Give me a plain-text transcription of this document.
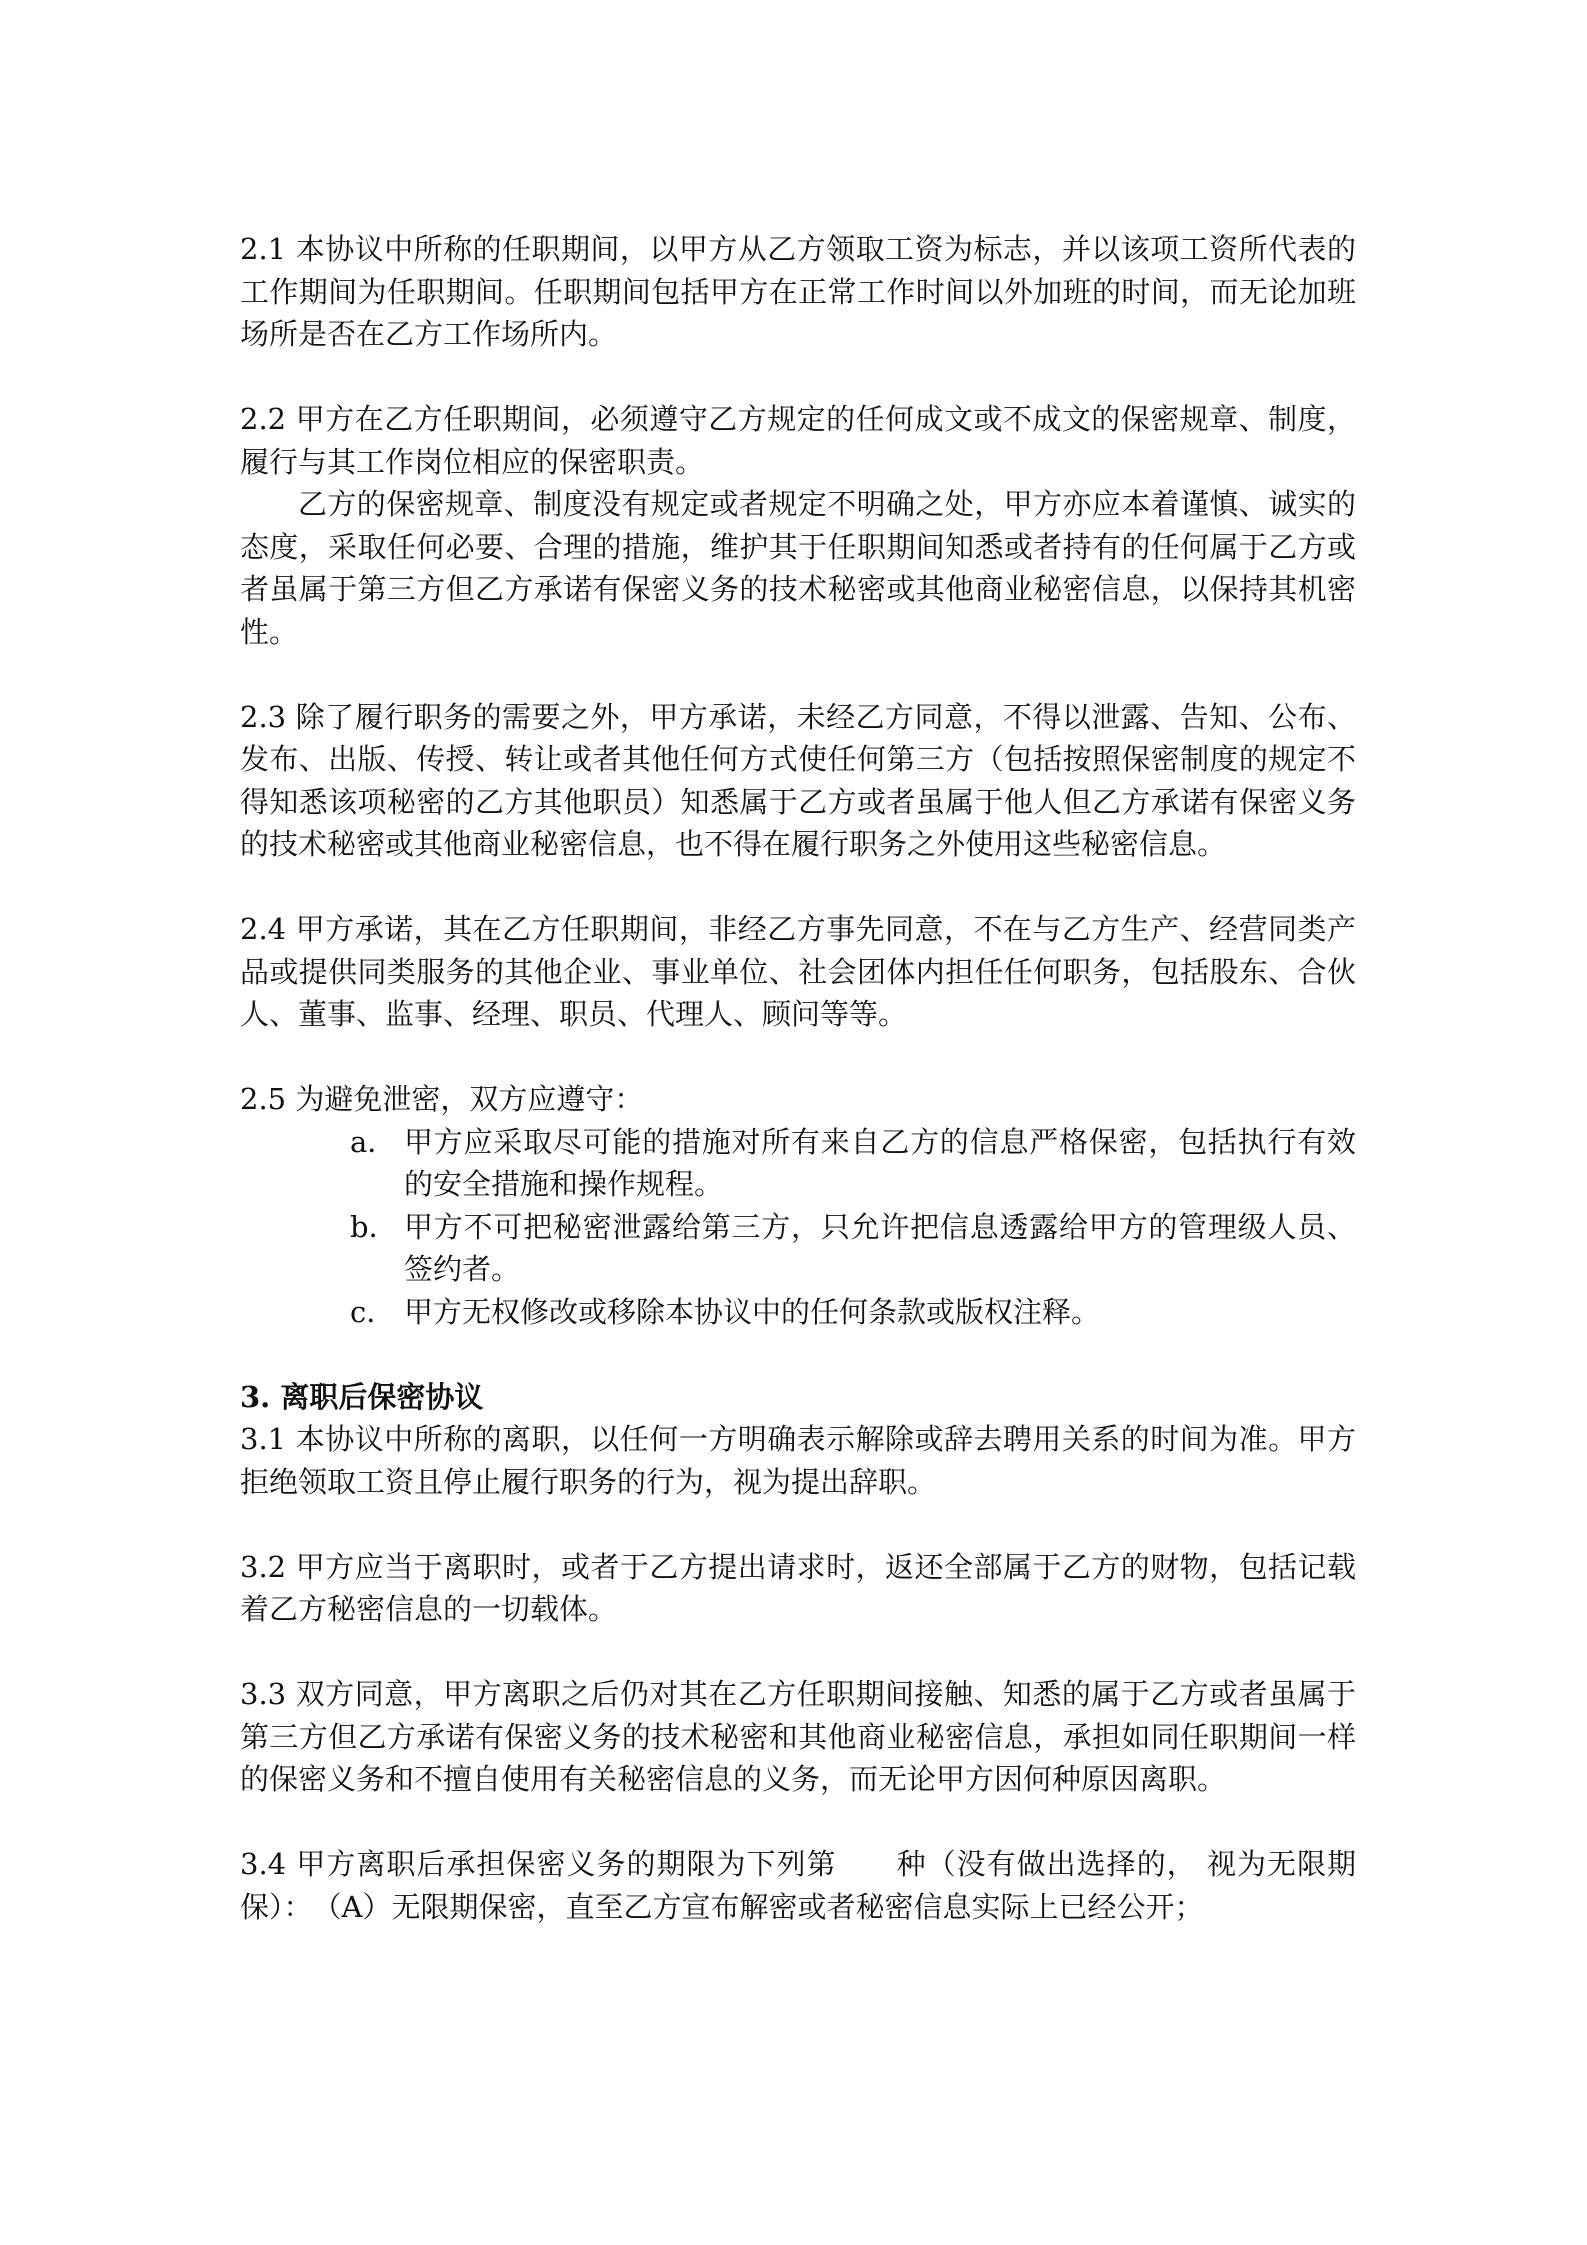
2.1 本协议中所称的任职期间，以甲方从乙方领取工资为标志，并以该项工资所代表的工作期间为任职期间。任职期间包括甲方在正常工作时间以外加班的时间，而无论加班场所是否在乙方工作场所内。

2.2 甲方在乙方任职期间，必须遵守乙方规定的任何成文或不成文的保密规章、制度，履行与其工作岗位相应的保密职责。

乙方的保密规章、制度没有规定或者规定不明确之处，甲方亦应本着谨慎、诚实的态度，采取任何必要、合理的措施，维护其于任职期间知悉或者持有的任何属于乙方或者虽属于第三方但乙方承诺有保密义务的技术秘密或其他商业秘密信息，以保持其机密性。

2.3 除了履行职务的需要之外，甲方承诺，未经乙方同意，不得以泄露、告知、公布、发布、出版、传授、转让或者其他任何方式使任何第三方（包括按照保密制度的规定不得知悉该项秘密的乙方其他职员）知悉属于乙方或者虽属于他人但乙方承诺有保密义务的技术秘密或其他商业秘密信息，也不得在履行职务之外使用这些秘密信息。

2.4 甲方承诺，其在乙方任职期间，非经乙方事先同意，不在与乙方生产、经营同类产品或提供同类服务的其他企业、事业单位、社会团体内担任任何职务，包括股东、合伙人、董事、监事、经理、职员、代理人、顾问等等。

2.5 为避免泄密，双方应遵守：

a． 甲方应采取尽可能的措施对所有来自乙方的信息严格保密，包括执行有效的安全措施和操作规程。
b． 甲方不可把秘密泄露给第三方，只允许把信息透露给甲方的管理级人员、签约者。
c． 甲方无权修改或移除本协议中的任何条款或版权注释。

3. 离职后保密协议

3.1 本协议中所称的离职，以任何一方明确表示解除或辞去聘用关系的时间为准。甲方拒绝领取工资且停止履行职务的行为，视为提出辞职。

3.2 甲方应当于离职时，或者于乙方提出请求时，返还全部属于乙方的财物，包括记载着乙方秘密信息的一切载体。

3.3 双方同意，甲方离职之后仍对其在乙方任职期间接触、知悉的属于乙方或者虽属于第三方但乙方承诺有保密义务的技术秘密和其他商业秘密信息，承担如同任职期间一样的保密义务和不擅自使用有关秘密信息的义务，而无论甲方因何种原因离职。

3.4 甲方离职后承担保密义务的期限为下列第　　种（没有做出选择的， 视为无限期保）：　（A）无限期保密，直至乙方宣布解密或者秘密信息实际上已经公开；
